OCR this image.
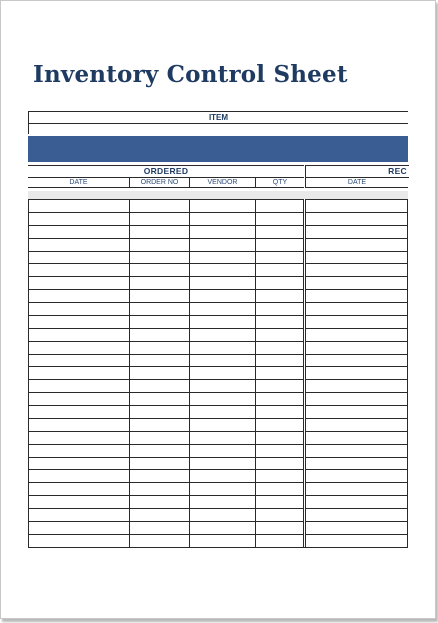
Inventory Control Sheet
ITEM
ORDERED	REC
DATE	ORDER NO	VENDOR	QTY	DATE
